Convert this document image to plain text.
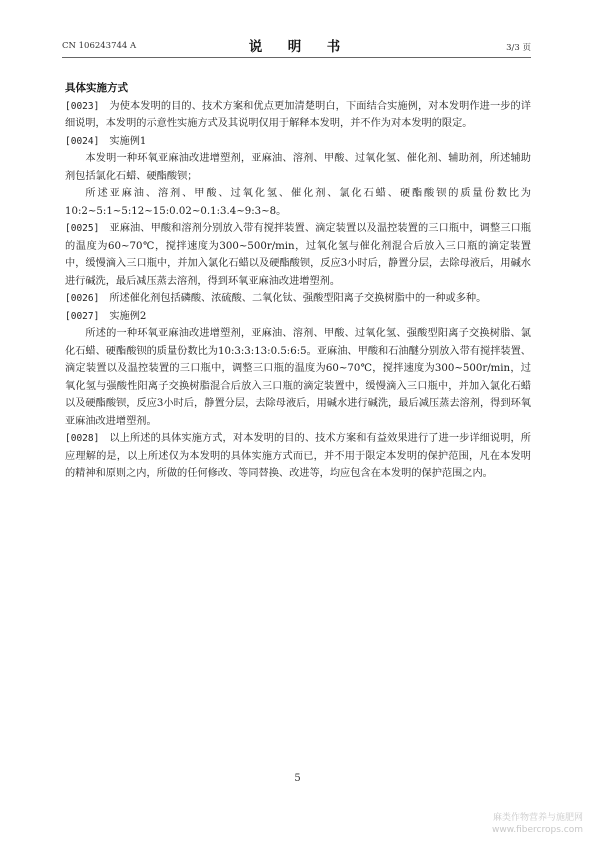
CN 106243744 A	说　明　书	3/3 页
具体实施方式

[0023] 为使本发明的目的、技术方案和优点更加清楚明白，下面结合实施例，对本发明作进一步的详细说明，本发明的示意性实施方式及其说明仅用于解释本发明，并不作为对本发明的限定。

[0024] 实施例1

本发明一种环氧亚麻油改进增塑剂，亚麻油、溶剂、甲酸、过氧化氢、催化剂、辅助剂，所述辅助剂包括氯化石蜡、硬酯酸钡；

所述亚麻油、溶剂、甲酸、过氧化氢、催化剂、氯化石蜡、硬酯酸钡的质量份数比为10:2~5:1~5:12~15:0.02~0.1:3.4~9:3~8。

[0025] 亚麻油、甲酸和溶剂分别放入带有搅拌装置、滴定装置以及温控装置的三口瓶中，调整三口瓶的温度为60~70℃，搅拌速度为300~500r/min，过氧化氢与催化剂混合后放入三口瓶的滴定装置中，缓慢滴入三口瓶中，并加入氯化石蜡以及硬酯酸钡，反应3小时后，静置分层，去除母液后，用碱水进行碱洗，最后减压蒸去溶剂，得到环氧亚麻油改进增塑剂。

[0026] 所述催化剂包括磷酸、浓硫酸、二氧化钛、强酸型阳离子交换树脂中的一种或多种。

[0027] 实施例2

所述的一种环氧亚麻油改进增塑剂，亚麻油、溶剂、甲酸、过氧化氢、强酸型阳离子交换树脂、氯化石蜡、硬酯酸钡的质量份数比为10:3:3:13:0.5:6:5。亚麻油、甲酸和石油醚分别放入带有搅拌装置、滴定装置以及温控装置的三口瓶中，调整三口瓶的温度为60~70℃，搅拌速度为300~500r/min，过氧化氢与强酸性阳离子交换树脂混合后放入三口瓶的滴定装置中，缓慢滴入三口瓶中，并加入氯化石蜡以及硬酯酸钡，反应3小时后，静置分层，去除母液后，用碱水进行碱洗，最后减压蒸去溶剂，得到环氧亚麻油改进增塑剂。

[0028] 以上所述的具体实施方式，对本发明的目的、技术方案和有益效果进行了进一步详细说明，所应理解的是，以上所述仅为本发明的具体实施方式而已，并不用于限定本发明的保护范围，凡在本发明的精神和原则之内，所做的任何修改、等同替换、改进等，均应包含在本发明的保护范围之内。

5
麻类作物营养与施肥网
www.fibercrops.com
